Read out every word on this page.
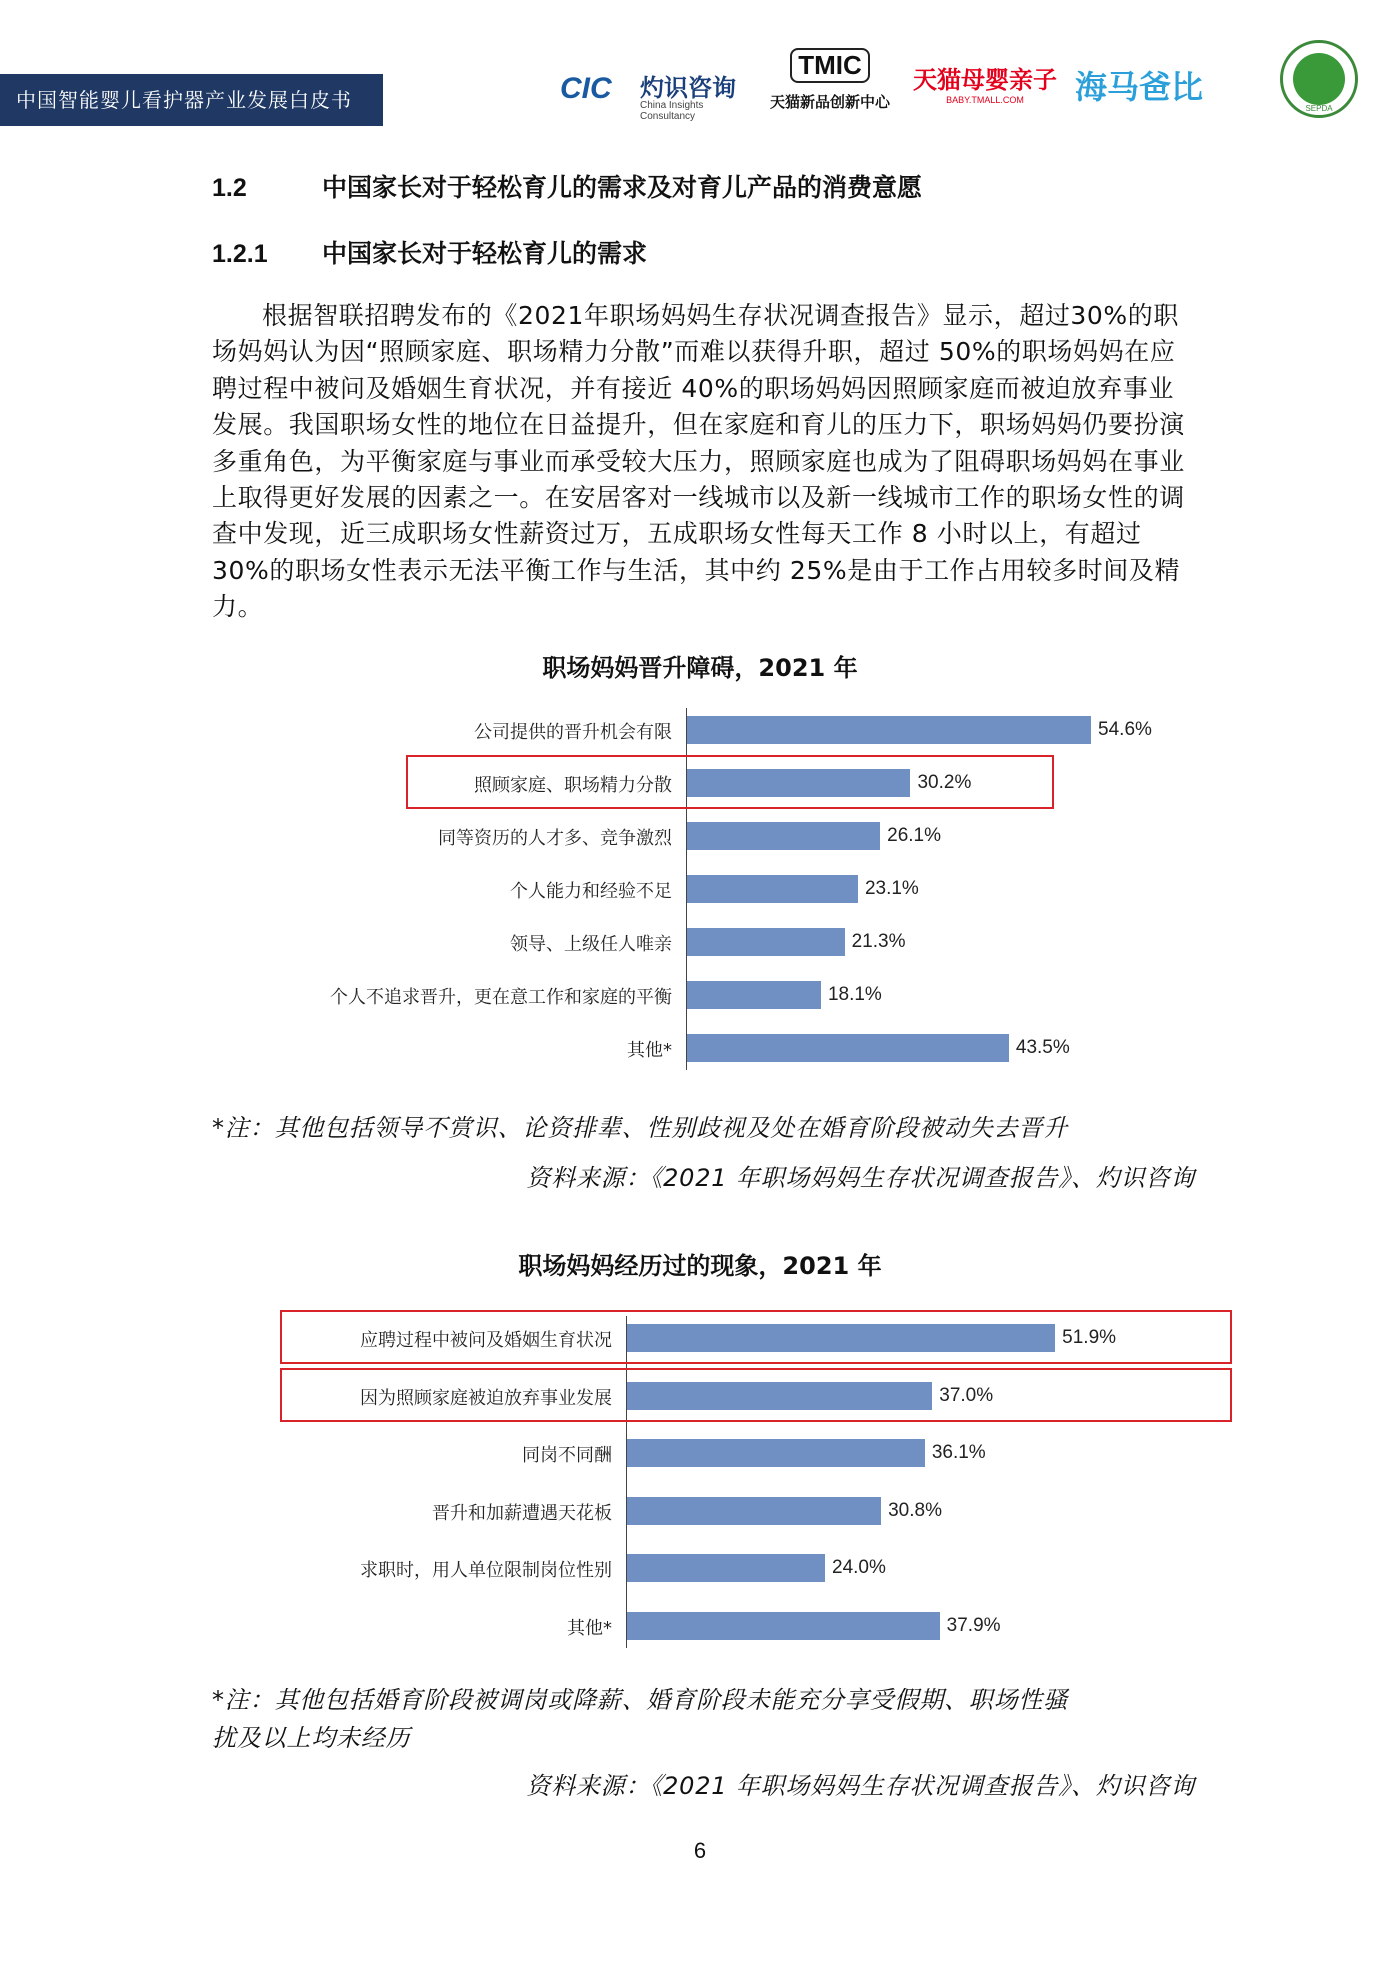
中国智能婴儿看护器产业发展白皮书	CIC 灼识咨询
China Insights Consultancy
TMIC
天猫新品创新中心
天猫母婴亲子
BABY.TMALL.COM	海马爸比
SEPDA
1.2	中国家长对于轻松育儿的需求及对育儿产品的消费意愿
1.2.1 中国家长对于轻松育儿的需求
根据智联招聘发布的《2021年职场妈妈生存状况调查报告》显示，超过30%的职场妈妈认为因“照顾家庭、职场精力分散”而难以获得升职，超过 50%的职场妈妈在应聘过程中被问及婚姻生育状况，并有接近 40%的职场妈妈因照顾家庭而被迫放弃事业发展。我国职场女性的地位在日益提升，但在家庭和育儿的压力下，职场妈妈仍要扮演多重角色，为平衡家庭与事业而承受较大压力，照顾家庭也成为了阻碍职场妈妈在事业上取得更好发展的因素之一。在安居客对一线城市以及新一线城市工作的职场女性的调查中发现，近三成职场女性薪资过万，五成职场女性每天工作 8 小时以上，有超过 30%的职场女性表示无法平衡工作与生活，其中约 25%是由于工作占用较多时间及精力。
职场妈妈晋升障碍，2021 年
公司提供的晋升机会有限	54.6%
照顾家庭、职场精力分散	30.2%
同等资历的人才多、竞争激烈	26.1%
个人能力和经验不足	23.1%
领导、上级任人唯亲	21.3%
个人不追求晋升，更在意工作和家庭的平衡	18.1%
其他*	43.5%
*注：其他包括领导不赏识、论资排辈、性别歧视及处在婚育阶段被动失去晋升
资料来源：《2021 年职场妈妈生存状况调查报告》、灼识咨询
职场妈妈经历过的现象，2021 年
应聘过程中被问及婚姻生育状况	51.9%
因为照顾家庭被迫放弃事业发展	37.0%
同岗不同酬	36.1%
晋升和加薪遭遇天花板	30.8%
求职时，用人单位限制岗位性别	24.0%
其他*	37.9%
*注：其他包括婚育阶段被调岗或降薪、婚育阶段未能充分享受假期、职场性骚
扰及以上均未经历
资料来源：《2021 年职场妈妈生存状况调查报告》、灼识咨询
6
